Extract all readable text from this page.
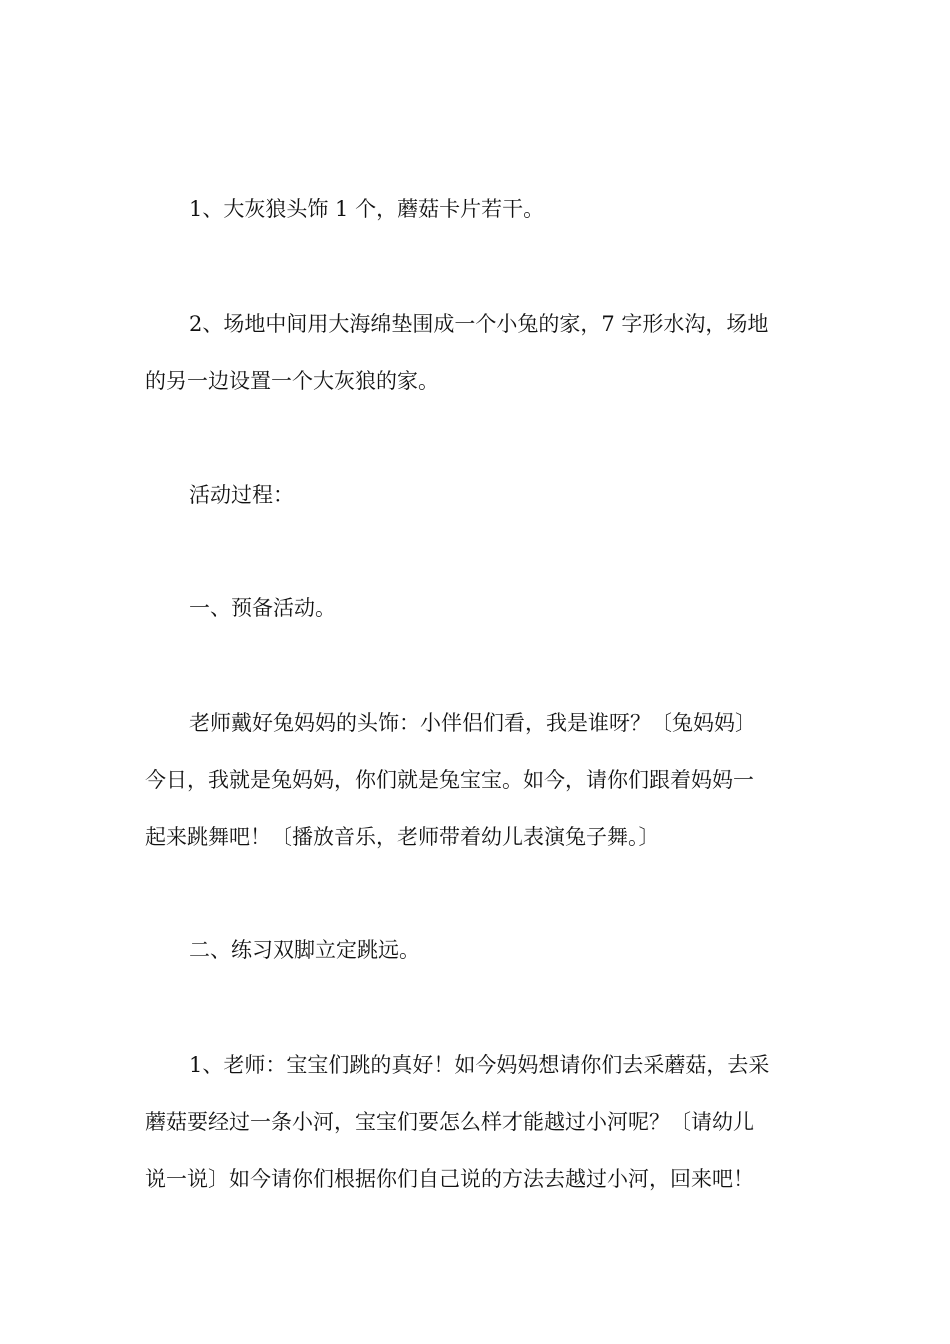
1、大灰狼头饰 1 个，蘑菇卡片若干。

2、场地中间用大海绵垫围成一个小兔的家，7 字形水沟，场地
的另一边设置一个大灰狼的家。

活动过程：

一、预备活动。

老师戴好兔妈妈的头饰：小伴侣们看，我是谁呀？〔兔妈妈〕
今日，我就是兔妈妈，你们就是兔宝宝。如今，请你们跟着妈妈一
起来跳舞吧！〔播放音乐，老师带着幼儿表演兔子舞。〕

二、练习双脚立定跳远。

1、老师：宝宝们跳的真好！如今妈妈想请你们去采蘑菇，去采
蘑菇要经过一条小河，宝宝们要怎么样才能越过小河呢？〔请幼儿
说一说〕如今请你们根据你们自己说的方法去越过小河，回来吧！
